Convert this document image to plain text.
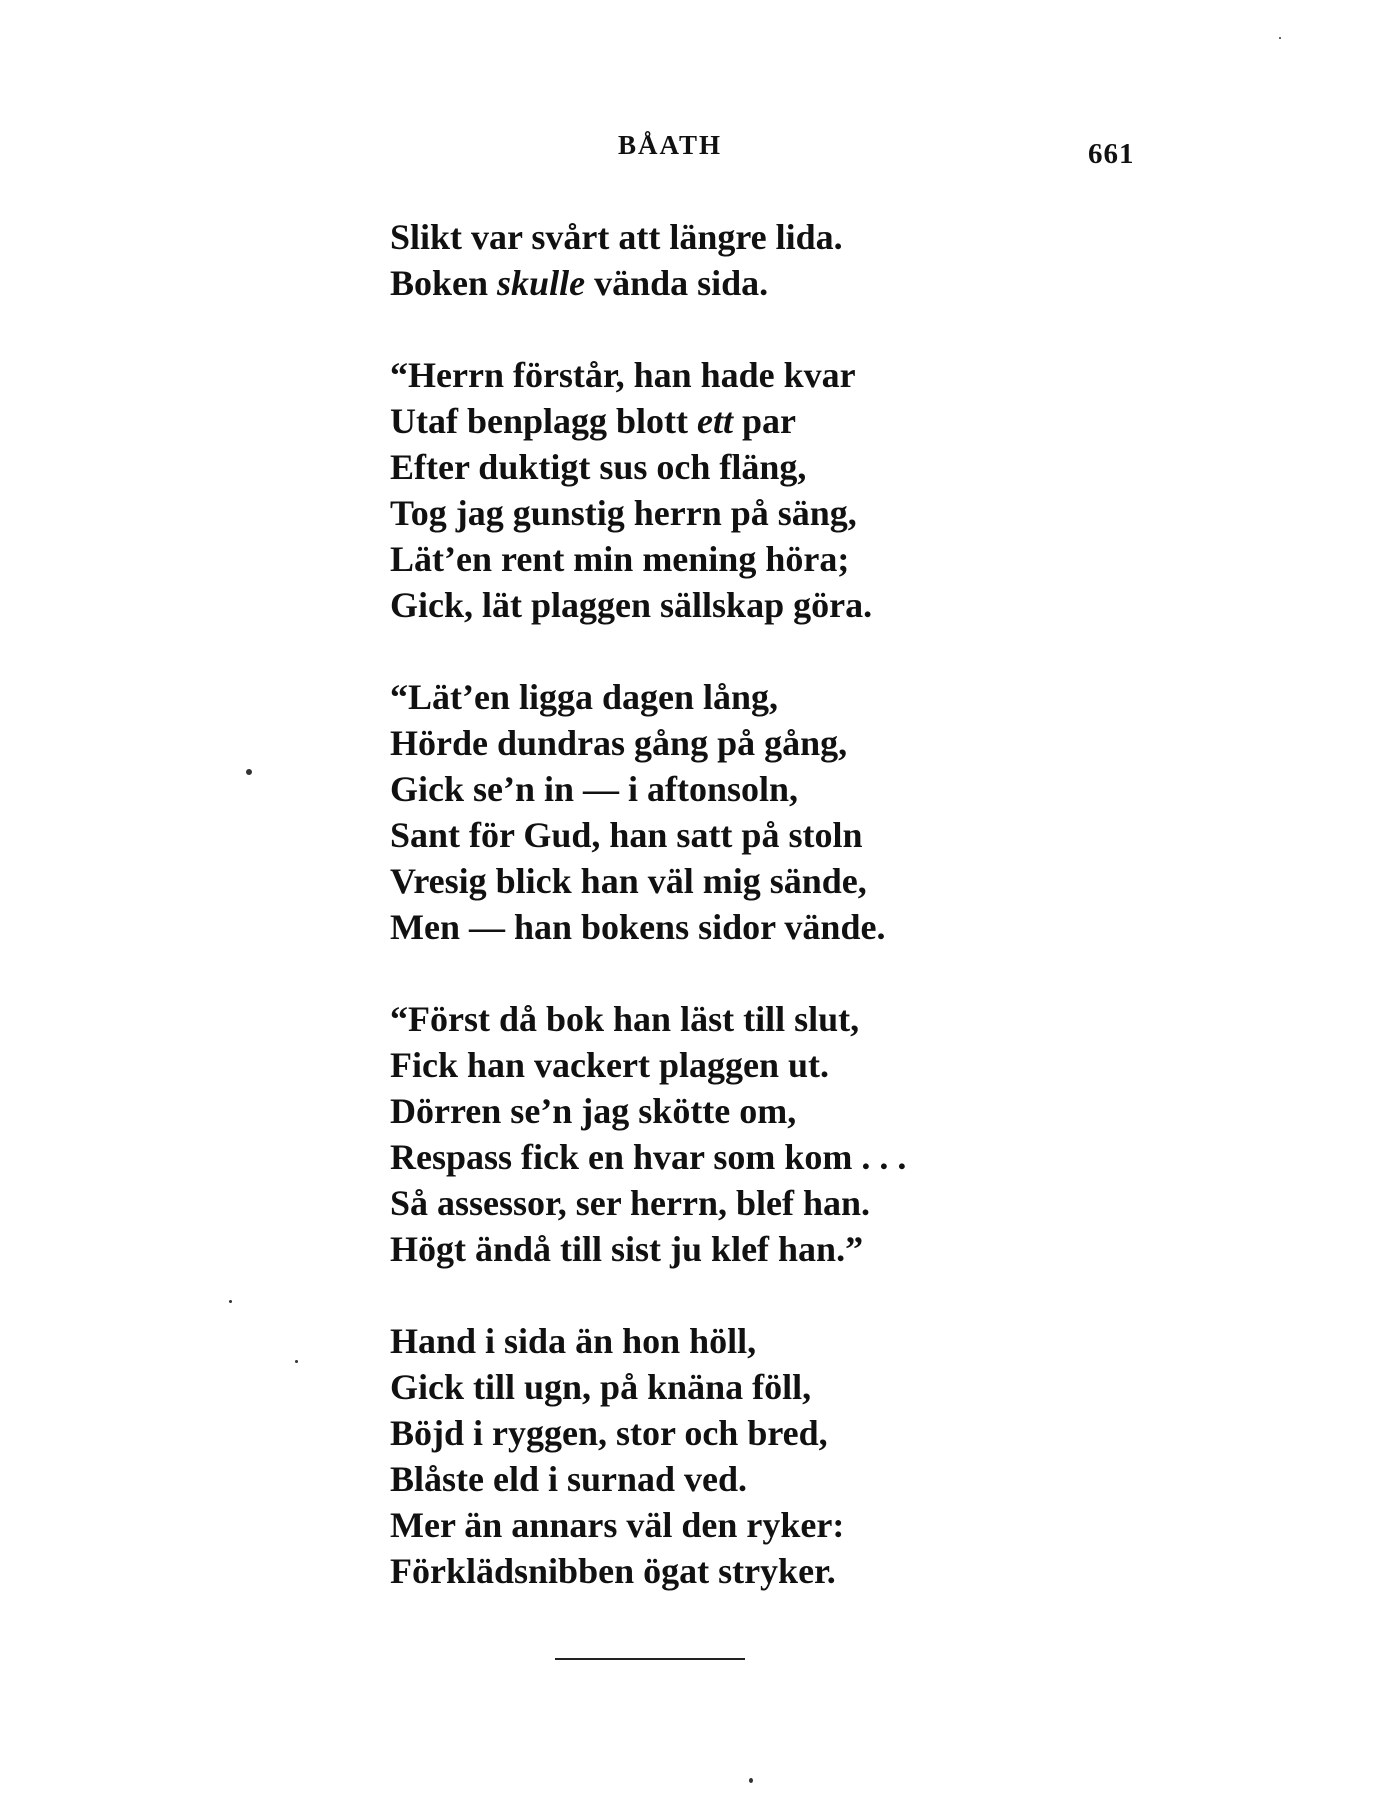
BÅATH	661
Slikt var svårt att längre lida.
Boken skulle vända sida.
“Herrn förstår, han hade kvar
Utaf benplagg blott ett par
Efter duktigt sus och fläng,
Tog jag gunstig herrn på säng,
Lät’en rent min mening höra;
Gick, lät plaggen sällskap göra.
“Lät’en ligga dagen lång,
Hörde dundras gång på gång,
Gick se’n in — i aftonsoln,
Sant för Gud, han satt på stoln
Vresig blick han väl mig sände,
Men — han bokens sidor vände.
“Först då bok han läst till slut,
Fick han vackert plaggen ut.
Dörren se’n jag skötte om,
Respass fick en hvar som kom . . .
Så assessor, ser herrn, blef han.
Högt ändå till sist ju klef han.”
Hand i sida än hon höll,
Gick till ugn, på knäna föll,
Böjd i ryggen, stor och bred,
Blåste eld i surnad ved.
Mer än annars väl den ryker:
Förklädsnibben ögat stryker.
